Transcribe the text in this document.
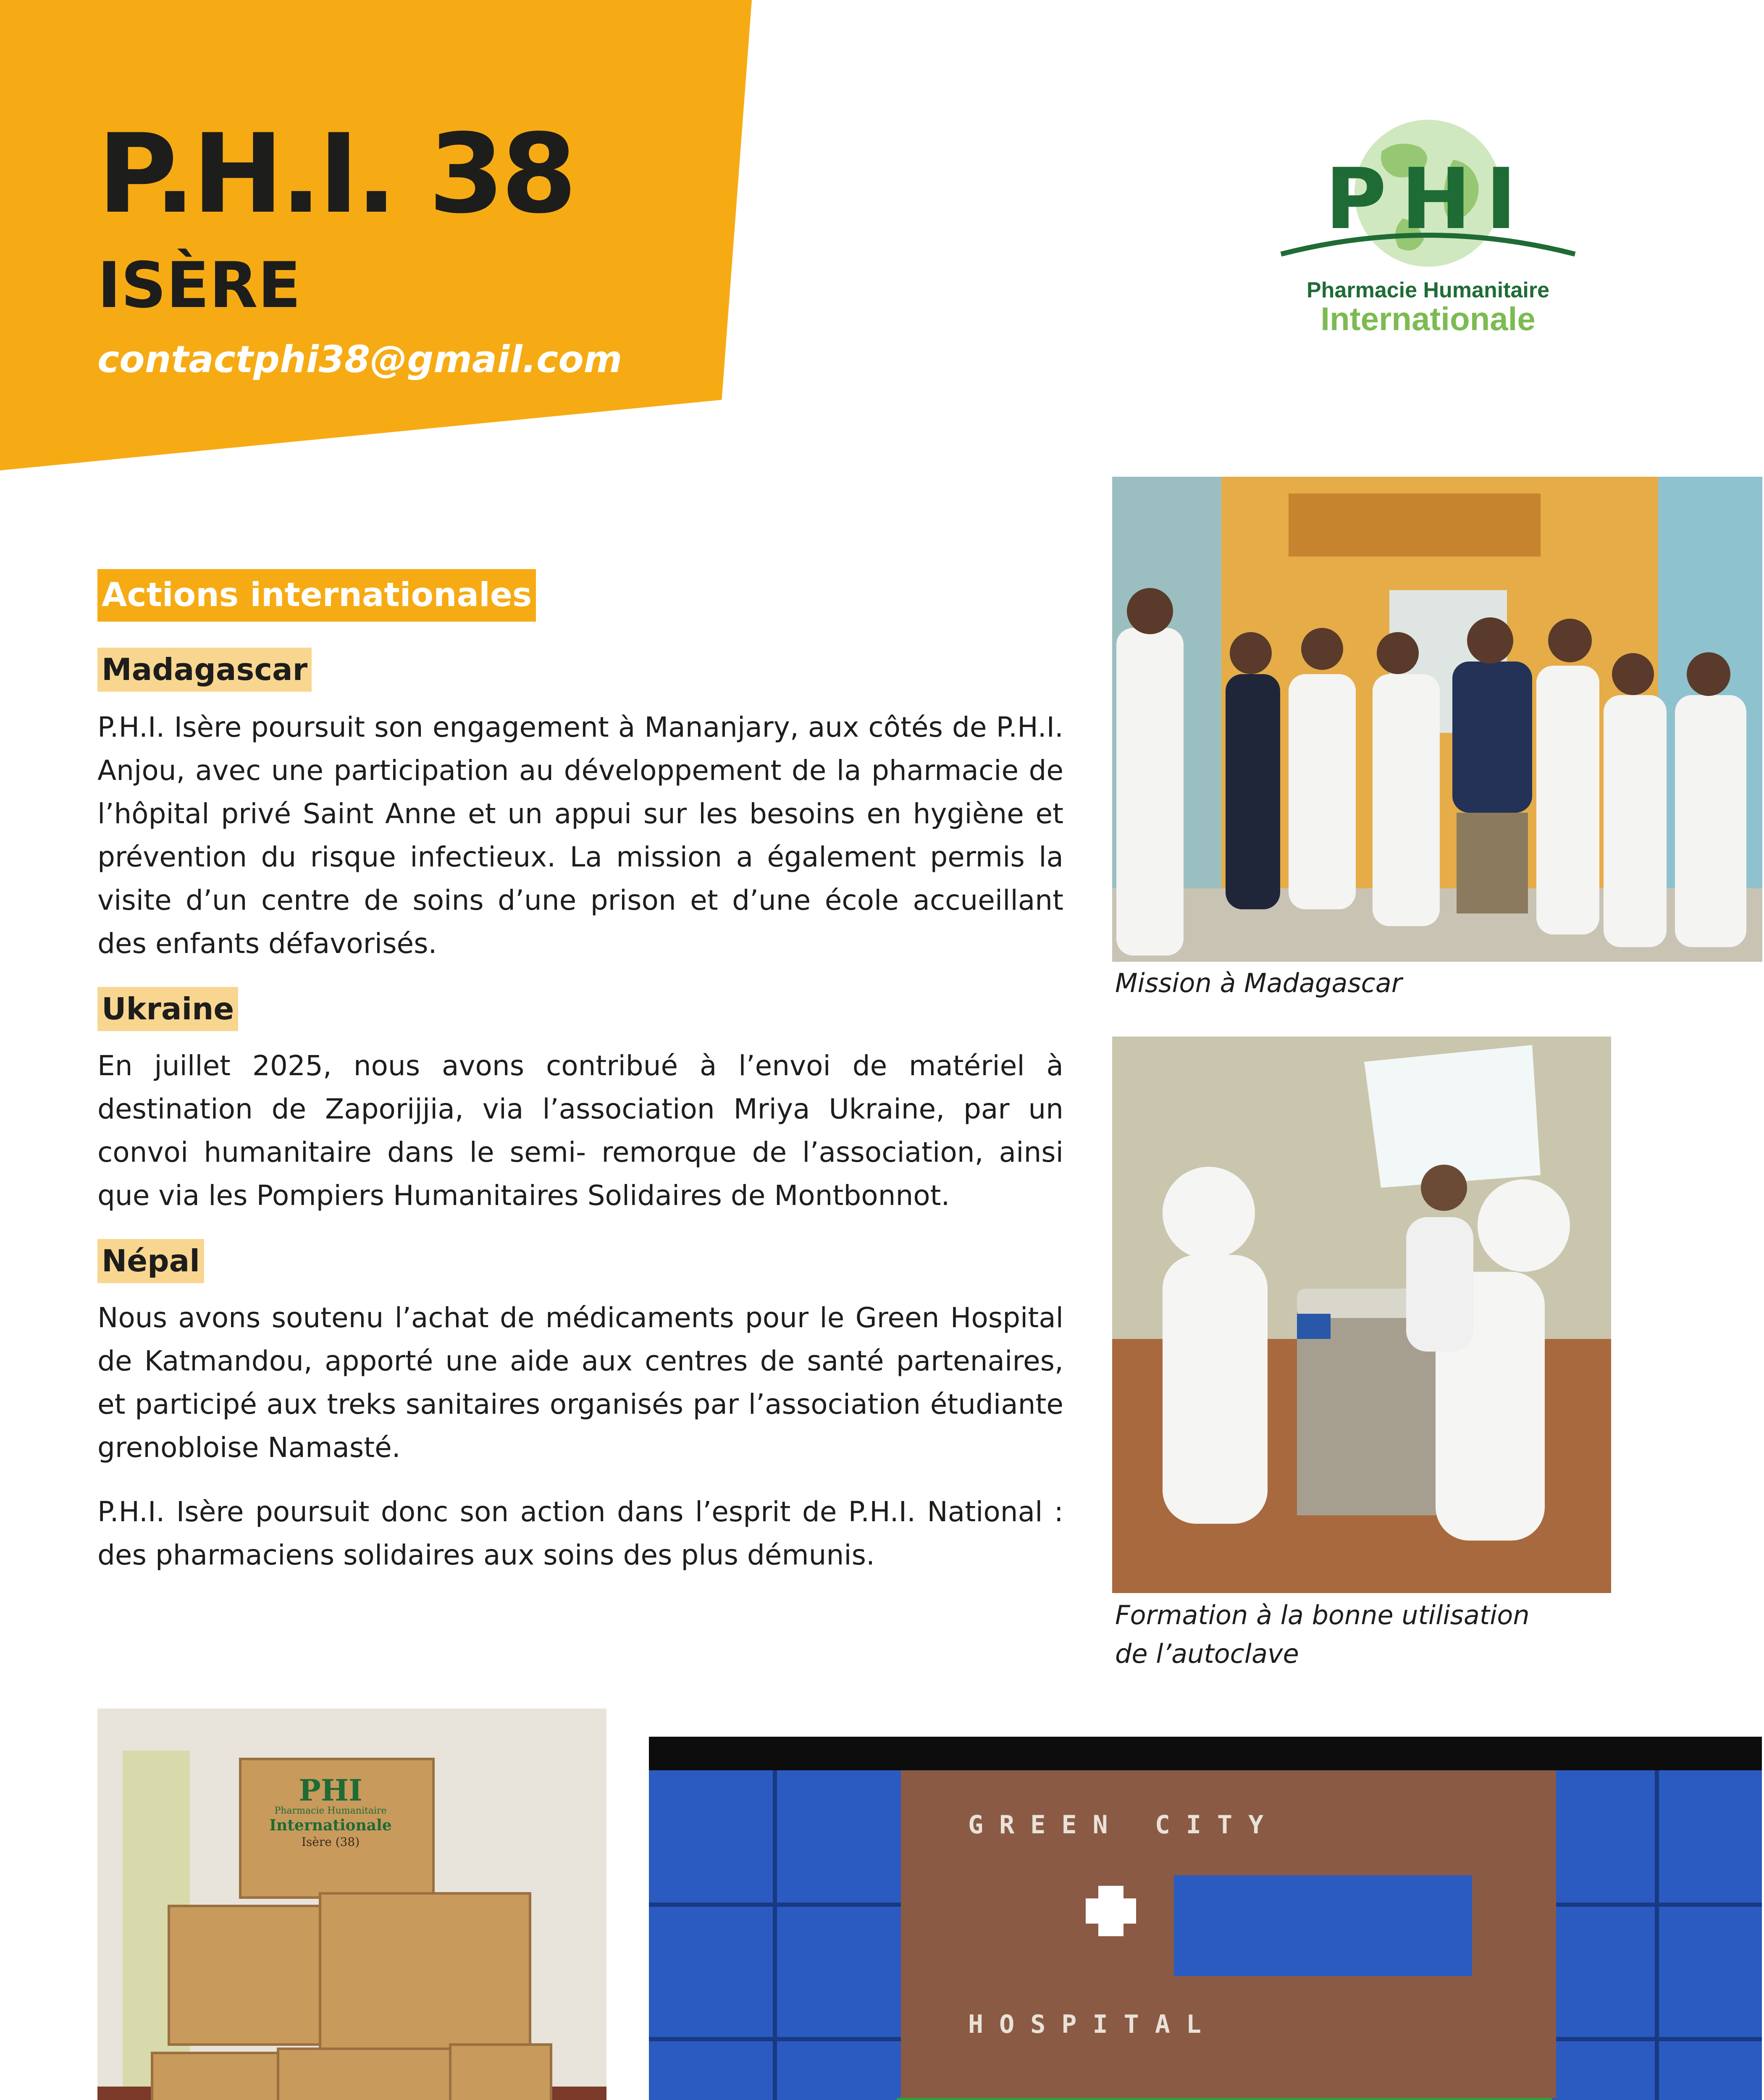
P.H.I. 38
ISÈRE
contactphi38@gmail.com
PHI
Pharmacie Humanitaire
Internationale
Actions internationales
Madagascar
P.H.I. Isère poursuit son engagement à Mananjary, aux côtés de P.H.I. Anjou, avec une participation au développement de la pharmacie de l’hôpital privé Saint Anne et un appui sur les besoins en hygiène et prévention du risque infectieux. La mission a également permis la visite d’un centre de soins d’une prison et d’une école accueillant des enfants défavorisés.
Ukraine
En juillet 2025, nous avons contribué à l’envoi de matériel à destination de Zaporijjia, via l’association Mriya Ukraine, par un convoi humanitaire dans le semi- remorque de l’association, ainsi que via les Pompiers Humanitaires Solidaires de Montbonnot.
Népal
Nous avons soutenu l’achat de médicaments pour le Green Hospital de Katmandou, apporté une aide aux centres de santé partenaires, et participé aux treks sanitaires organisés par l’association étudiante grenobloise Namasté.
P.H.I. Isère poursuit donc son action dans l’esprit de P.H.I. National : des pharmaciens solidaires aux soins des plus démunis.
Mission à Madagascar
Formation à la bonne utilisation
de l’autoclave
PHI
Pharmacie Humanitaire
Internationale
Isère (38)
GREEN CITY
HOSPITAL
